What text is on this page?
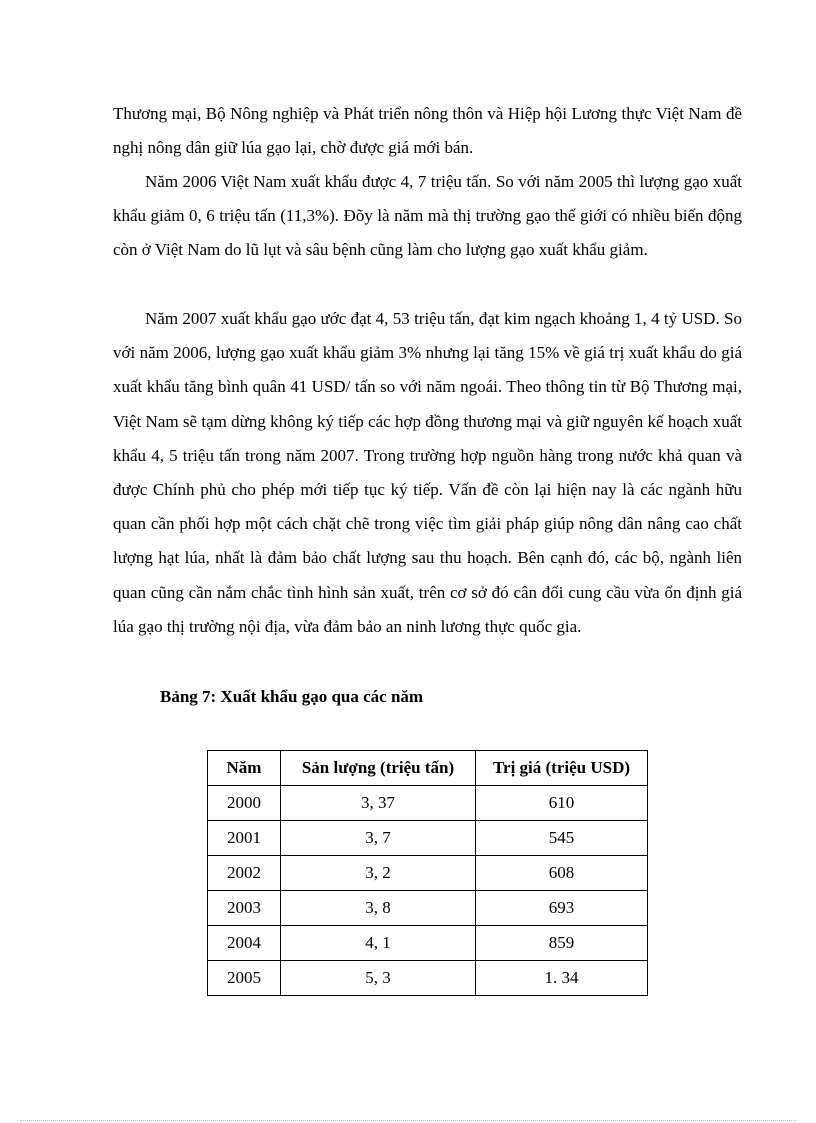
Thương mại, Bộ Nông nghiệp và Phát triển nông thôn và Hiệp hội Lương thực Việt Nam đề nghị nông dân giữ lúa gạo lại, chờ được giá mới bán.

Năm 2006 Việt Nam xuất khẩu được 4, 7 triệu tấn. So với năm 2005 thì lượng gạo xuất khẩu giảm 0, 6 triệu tấn (11,3%). Đõy là năm mà thị trường gạo thế giới có nhiều biến động còn ở Việt Nam do lũ lụt và sâu bệnh cũng làm cho lượng gạo xuất khẩu giảm.

Năm 2007 xuất khẩu gạo ước đạt 4, 53 triệu tấn, đạt kim ngạch khoảng 1, 4 tỷ USD. So với năm 2006, lượng gạo xuất khẩu giảm 3% nhưng lại tăng 15% về giá trị xuất khẩu do giá xuất khẩu tăng bình quân 41 USD/ tấn so với năm ngoái. Theo thông tin từ Bộ Thương mại, Việt Nam sẽ tạm dừng không ký tiếp các hợp đồng thương mại và giữ nguyên kế hoạch xuất khẩu 4, 5 triệu tấn trong năm 2007. Trong trường hợp nguồn hàng trong nước khả quan và được Chính phủ cho phép mới tiếp tục ký tiếp. Vấn đề còn lại hiện nay là các ngành hữu quan cần phối hợp một cách chặt chẽ trong việc tìm giải pháp giúp nông dân nâng cao chất lượng hạt lúa, nhất là đảm bảo chất lượng sau thu hoạch. Bên cạnh đó, các bộ, ngành liên quan cũng cần nắm chắc tình hình sản xuất, trên cơ sở đó cân đối cung cầu vừa ổn định giá lúa gạo thị trường nội địa, vừa đảm bảo an ninh lương thực quốc gia.

Bảng 7: Xuất khẩu gạo qua các năm

Năm	Sản lượng (triệu tấn)	Trị giá (triệu USD)
2000	3, 37	610
2001	3, 7	545
2002	3, 2	608
2003	3, 8	693
2004	4, 1	859
2005	5, 3	1. 34
